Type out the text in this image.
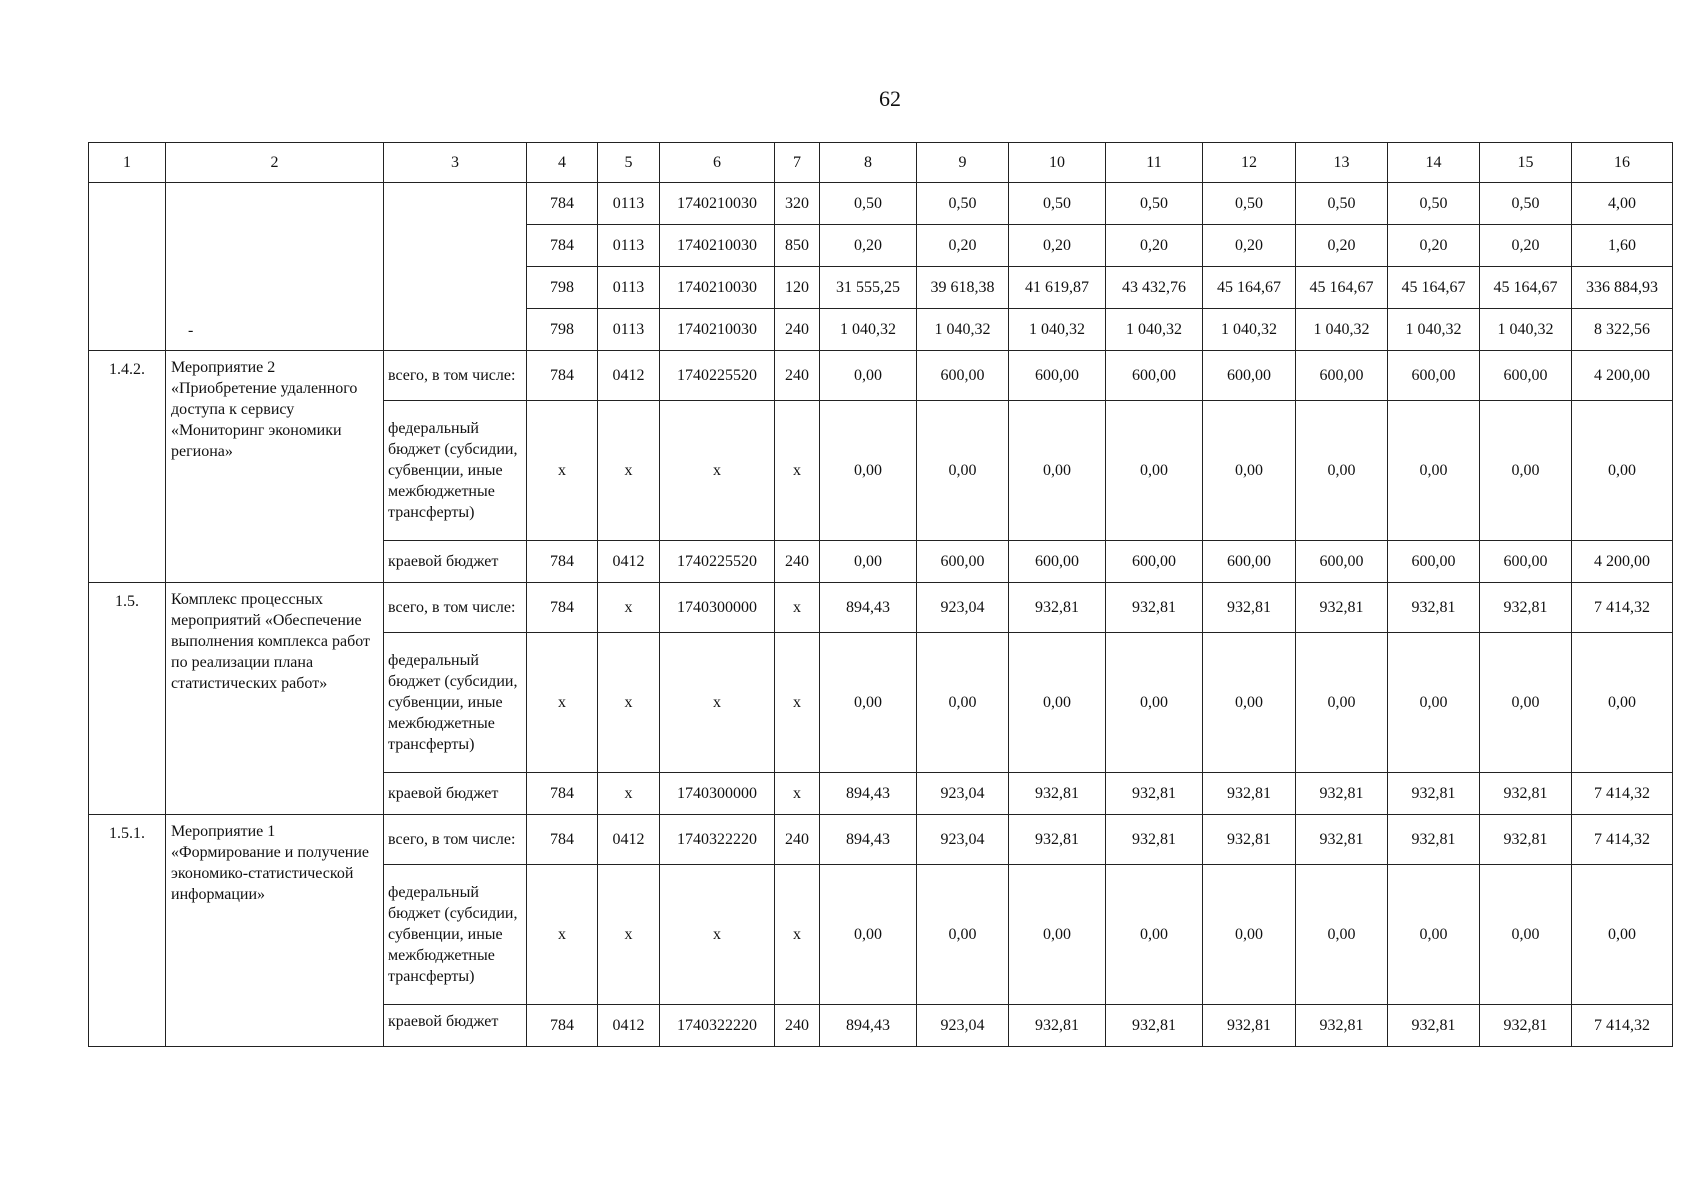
62
-
1	2	3	4	5	6	7	8	9	10	11	12	13	14	15	16
			784	0113	1740210030	320	0,50	0,50	0,50	0,50	0,50	0,50	0,50	0,50	4,00
			784	0113	1740210030	850	0,20	0,20	0,20	0,20	0,20	0,20	0,20	0,20	1,60
			798	0113	1740210030	120	31 555,25	39 618,38	41 619,87	43 432,76	45 164,67	45 164,67	45 164,67	45 164,67	336 884,93
			798	0113	1740210030	240	1 040,32	1 040,32	1 040,32	1 040,32	1 040,32	1 040,32	1 040,32	1 040,32	8 322,56
1.4.2.	Мероприятие 2 «Приобретение удаленного доступа к сервису «Мониторинг экономики региона»	всего, в том числе:	784	0412	1740225520	240	0,00	600,00	600,00	600,00	600,00	600,00	600,00	600,00	4 200,00
		федеральный бюджет (субсидии, субвенции, иные межбюджетные трансферты)	х	х	х	х	0,00	0,00	0,00	0,00	0,00	0,00	0,00	0,00	0,00
		краевой бюджет	784	0412	1740225520	240	0,00	600,00	600,00	600,00	600,00	600,00	600,00	600,00	4 200,00
1.5.	Комплекс процессных мероприятий «Обеспечение выполнения комплекса работ по реализации плана статистических работ»	всего, в том числе:	784	х	1740300000	х	894,43	923,04	932,81	932,81	932,81	932,81	932,81	932,81	7 414,32
		федеральный бюджет (субсидии, субвенции, иные межбюджетные трансферты)	х	х	х	х	0,00	0,00	0,00	0,00	0,00	0,00	0,00	0,00	0,00
		краевой бюджет	784	х	1740300000	х	894,43	923,04	932,81	932,81	932,81	932,81	932,81	932,81	7 414,32
1.5.1.	Мероприятие 1 «Формирование и получение экономико-статистической информации»	всего, в том числе:	784	0412	1740322220	240	894,43	923,04	932,81	932,81	932,81	932,81	932,81	932,81	7 414,32
		федеральный бюджет (субсидии, субвенции, иные межбюджетные трансферты)	х	х	х	х	0,00	0,00	0,00	0,00	0,00	0,00	0,00	0,00	0,00
		краевой бюджет	784	0412	1740322220	240	894,43	923,04	932,81	932,81	932,81	932,81	932,81	932,81	7 414,32
